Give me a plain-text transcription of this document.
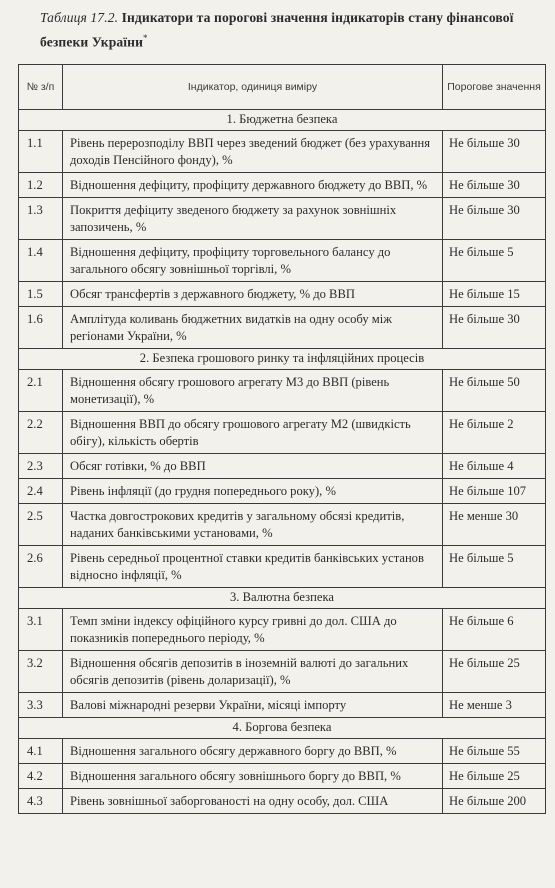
Таблиця 17.2. Індикатори та порогові значення індикаторів стану фінансової безпеки України*
№ з/п	Індикатор, одиниця виміру	Порогове значення
1. Бюджетна безпека		
1.1	Рівень перерозподілу ВВП через зведений бюджет (без урахування доходів Пенсійного фонду), %	Не більше 30
1.2	Відношення дефіциту, профіциту державного бюджету до ВВП, %	Не більше 30
1.3	Покриття дефіциту зведеного бюджету за рахунок зовнішніх запозичень, %	Не більше 30
1.4	Відношення дефіциту, профіциту торговельного балансу до загального обсягу зовнішньої торгівлі, %	Не більше 5
1.5	Обсяг трансфертів з державного бюджету, % до ВВП	Не більше 15
1.6	Амплітуда коливань бюджетних видатків на одну особу між регіонами України, %	Не більше 30
2. Безпека грошового ринку та інфляційних процесів		
2.1	Відношення обсягу грошового агрегату М3 до ВВП (рівень монетизації), %	Не більше 50
2.2	Відношення ВВП до обсягу грошового агрегату М2 (швидкість обігу), кількість обертів	Не більше 2
2.3	Обсяг готівки, % до ВВП	Не більше 4
2.4	Рівень інфляції (до грудня попереднього року), %	Не більше 107
2.5	Частка довгострокових кредитів у загальному обсязі кредитів, наданих банківськими установами, %	Не менше 30
2.6	Рівень середньої процентної ставки кредитів банківських установ відносно інфляції, %	Не більше 5
3. Валютна безпека		
3.1	Темп зміни індексу офіційного курсу гривні до дол. США до показників попереднього періоду, %	Не більше 6
3.2	Відношення обсягів депозитів в іноземній валюті до загальних обсягів депозитів (рівень доларизації), %	Не більше 25
3.3	Валові міжнародні резерви України, місяці імпорту	Не менше 3
4. Боргова безпека		
4.1	Відношення загального обсягу державного боргу до ВВП, %	Не більше 55
4.2	Відношення загального обсягу зовнішнього боргу до ВВП, %	Не більше 25
4.3	Рівень зовнішньої заборгованості на одну особу, дол. США	Не більше 200
